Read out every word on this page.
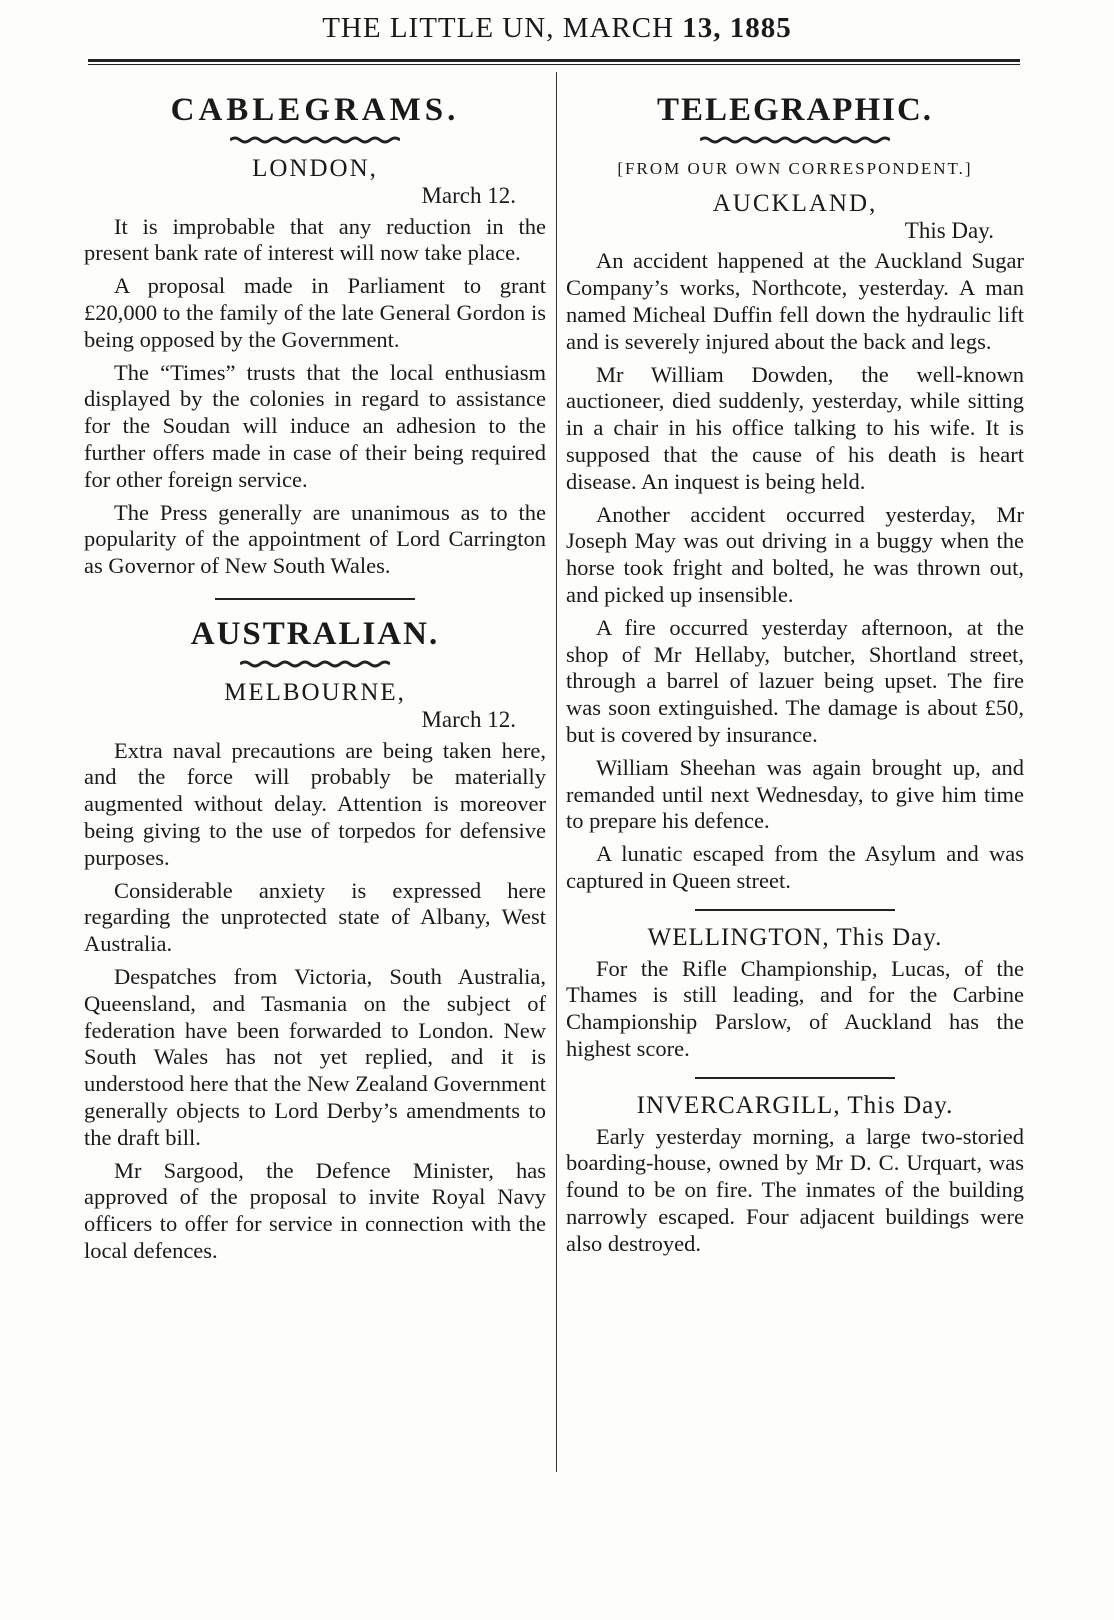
THE LITTLE UN, MARCH 13, 1885
CABLEGRAMS.
LONDON,
March 12.

It is improbable that any reduction in the present bank rate of interest will now take place.

A proposal made in Parliament to grant £20,000 to the family of the late General Gordon is being opposed by the Government.

The “Times” trusts that the local enthusiasm displayed by the colonies in regard to assistance for the Soudan will induce an adhesion to the further offers made in case of their being required for other foreign service.

The Press generally are unanimous as to the popularity of the appointment of Lord Carrington as Governor of New South Wales.

AUSTRALIAN.
MELBOURNE,
March 12.

Extra naval precautions are being taken here, and the force will probably be materially augmented without delay. Attention is moreover being giving to the use of torpedos for defensive purposes.

Considerable anxiety is expressed here regarding the unprotected state of Albany, West Australia.

Despatches from Victoria, South Australia, Queensland, and Tasmania on the subject of federation have been forwarded to London. New South Wales has not yet replied, and it is understood here that the New Zealand Government generally objects to Lord Derby’s amendments to the draft bill.

Mr Sargood, the Defence Minister, has approved of the proposal to invite Royal Navy officers to offer for service in connection with the local defences.

TELEGRAPHIC.
[FROM OUR OWN CORRESPONDENT.]
AUCKLAND,
This Day.

An accident happened at the Auckland Sugar Company’s works, Northcote, yesterday. A man named Micheal Duffin fell down the hydraulic lift and is severely injured about the back and legs.

Mr William Dowden, the well-known auctioneer, died suddenly, yesterday, while sitting in a chair in his office talking to his wife. It is supposed that the cause of his death is heart disease. An inquest is being held.

Another accident occurred yesterday, Mr Joseph May was out driving in a buggy when the horse took fright and bolted, he was thrown out, and picked up insensible.

A fire occurred yesterday afternoon, at the shop of Mr Hellaby, butcher, Shortland street, through a barrel of lazuer being upset. The fire was soon extinguished. The damage is about £50, but is covered by insurance.

William Sheehan was again brought up, and remanded until next Wednesday, to give him time to prepare his defence.

A lunatic escaped from the Asylum and was captured in Queen street.

WELLINGTON, This Day.

For the Rifle Championship, Lucas, of the Thames is still leading, and for the Carbine Championship Parslow, of Auckland has the highest score.

INVERCARGILL, This Day.

Early yesterday morning, a large two-storied boarding-house, owned by Mr D. C. Urquart, was found to be on fire. The inmates of the building narrowly escaped. Four adjacent buildings were also destroyed.
